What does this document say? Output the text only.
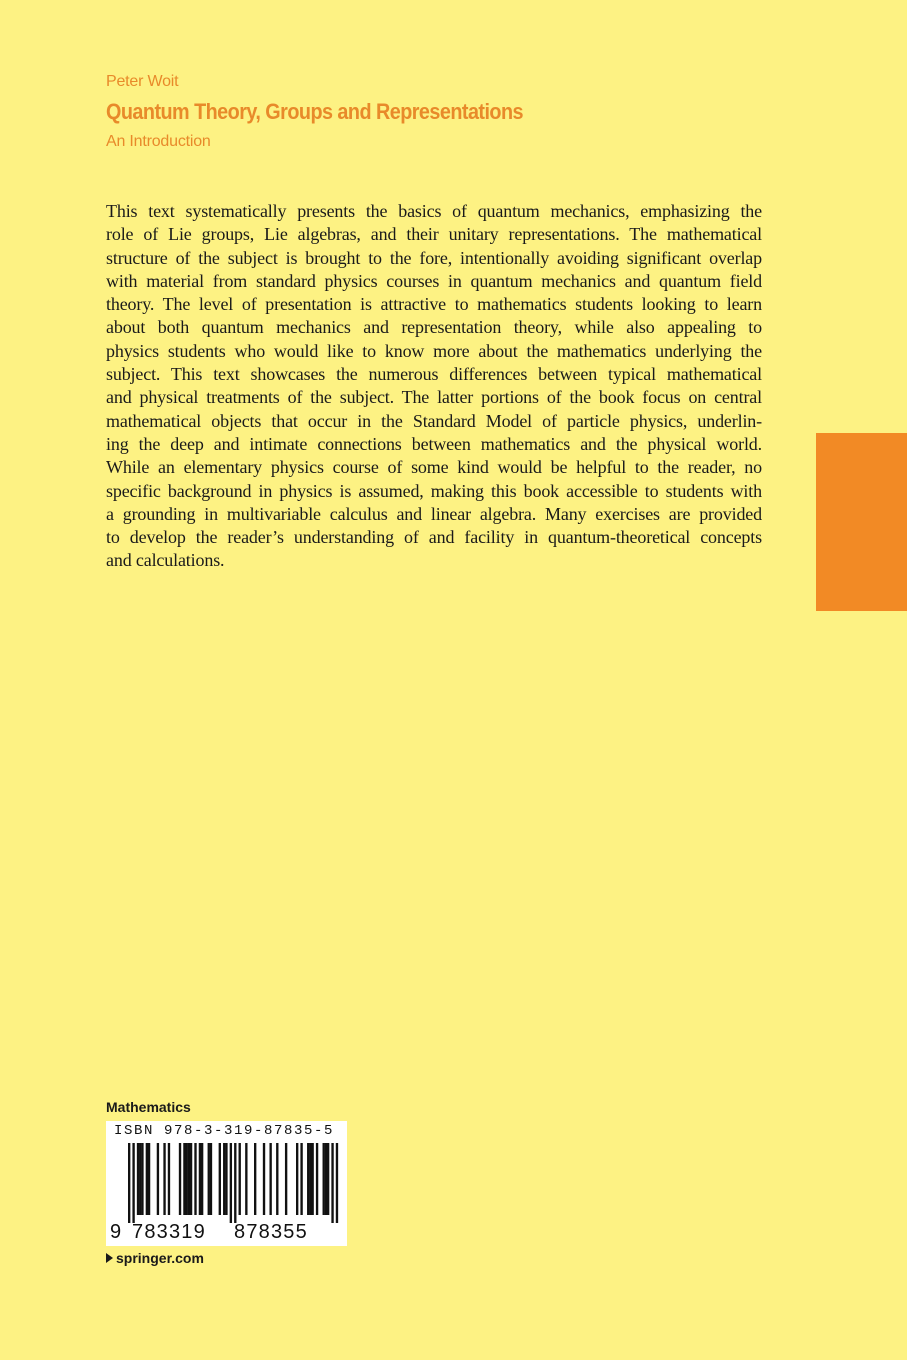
Peter Woit
Quantum Theory, Groups and Representations
An Introduction
This text systematically presents the basics of quantum mechanics, emphasizing the
role of Lie groups, Lie algebras, and their unitary representations. The mathematical
structure of the subject is brought to the fore, intentionally avoiding significant overlap
with material from standard physics courses in quantum mechanics and quantum field
theory. The level of presentation is attractive to mathematics students looking to learn
about both quantum mechanics and representation theory, while also appealing to
physics students who would like to know more about the mathematics underlying the
subject. This text showcases the numerous differences between typical mathematical
and physical treatments of the subject. The latter portions of the book focus on central
mathematical objects that occur in the Standard Model of particle physics, underlin-
ing the deep and intimate connections between mathematics and the physical world.
While an elementary physics course of some kind would be helpful to the reader, no
specific background in physics is assumed, making this book accessible to students with
a grounding in multivariable calculus and linear algebra. Many exercises are provided
to develop the reader’s understanding of and facility in quantum-theoretical concepts
and calculations.
Mathematics
ISBN 978-3-319-87835-5
9 783319 878355
springer.com
